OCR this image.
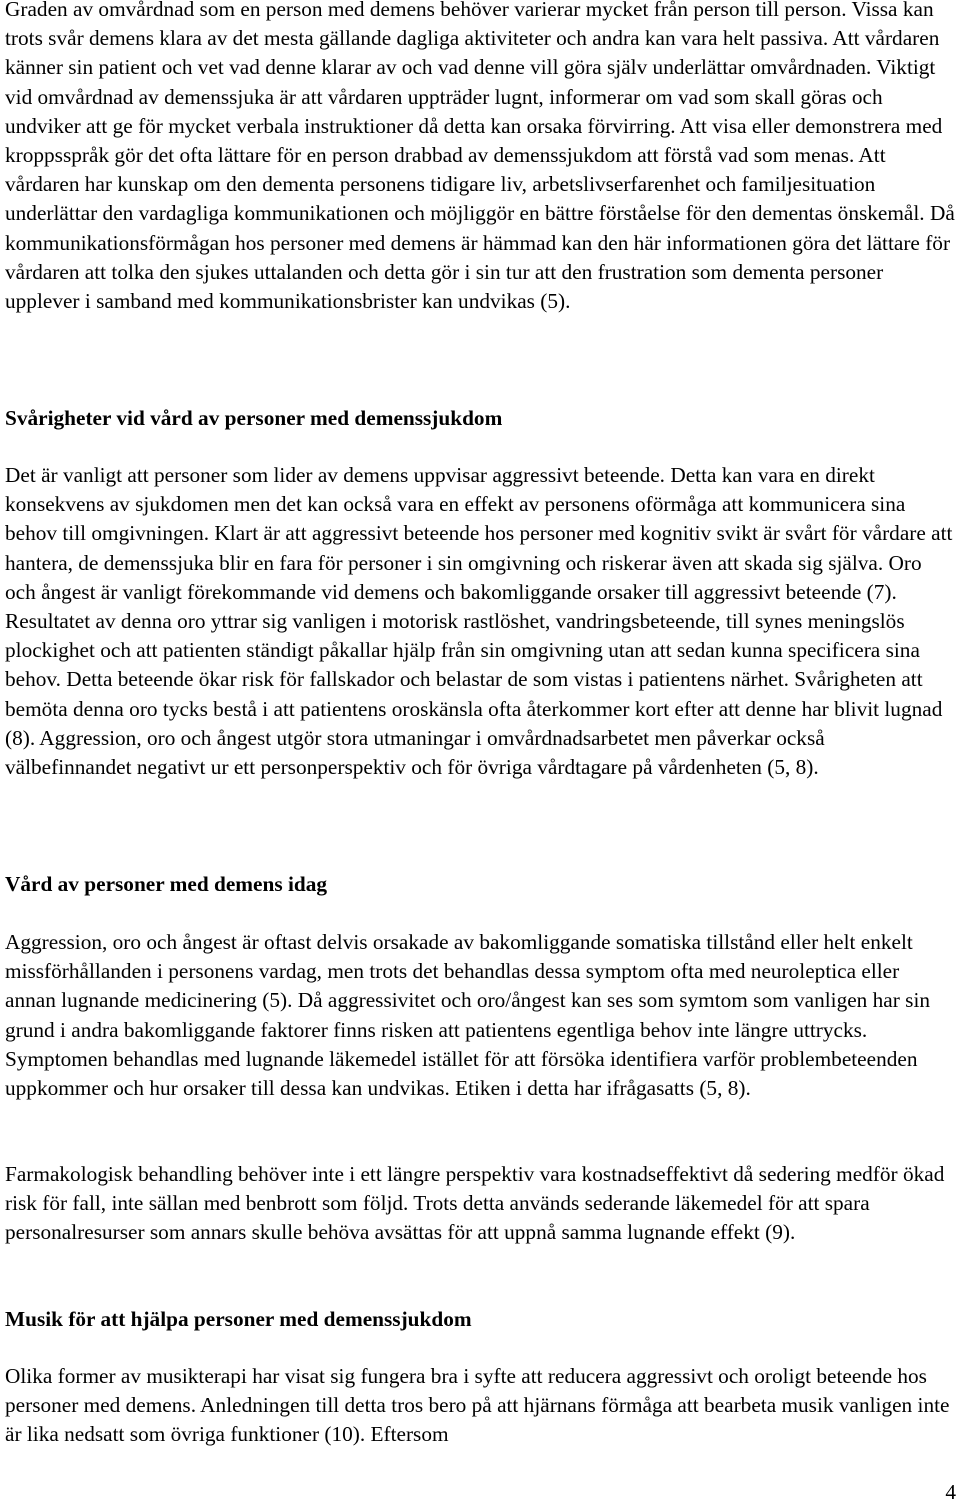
Graden av omvårdnad som en person med demens behöver varierar mycket från person till person. Vissa kan trots svår demens klara av det mesta gällande dagliga aktiviteter och andra kan vara helt passiva. Att vårdaren känner sin patient och vet vad denne klarar av och vad denne vill göra själv underlättar omvårdnaden. Viktigt vid omvårdnad av demenssjuka är att vårdaren uppträder lugnt, informerar om vad som skall göras och undviker att ge för mycket verbala instruktioner då detta kan orsaka förvirring. Att visa eller demonstrera med kroppsspråk gör det ofta lättare för en person drabbad av demenssjukdom att förstå vad som menas. Att vårdaren har kunskap om den dementa personens tidigare liv, arbetslivserfarenhet och familjesituation underlättar den vardagliga kommunikationen och möjliggör en bättre förståelse för den dementas önskemål. Då kommunikationsförmågan hos personer med demens är hämmad kan den här informationen göra det lättare för vårdaren att tolka den sjukes uttalanden och detta gör i sin tur att den frustration som dementa personer upplever i samband med kommunikationsbrister kan undvikas (5).

Svårigheter vid vård av personer med demenssjukdom

Det är vanligt att personer som lider av demens uppvisar aggressivt beteende. Detta kan vara en direkt konsekvens av sjukdomen men det kan också vara en effekt av personens oförmåga att kommunicera sina behov till omgivningen. Klart är att aggressivt beteende hos personer med kognitiv svikt är svårt för vårdare att hantera, de demenssjuka blir en fara för personer i sin omgivning och riskerar även att skada sig själva. Oro och ångest är vanligt förekommande vid demens och bakomliggande orsaker till aggressivt beteende (7). Resultatet av denna oro yttrar sig vanligen i motorisk rastlöshet, vandringsbeteende, till synes meningslös plockighet och att patienten ständigt påkallar hjälp från sin omgivning utan att sedan kunna specificera sina behov. Detta beteende ökar risk för fallskador och belastar de som vistas i patientens närhet. Svårigheten att bemöta denna oro tycks bestå i att patientens oroskänsla ofta återkommer kort efter att denne har blivit lugnad (8). Aggression, oro och ångest utgör stora utmaningar i omvårdnadsarbetet men påverkar också välbefinnandet negativt ur ett personperspektiv och för övriga vårdtagare på vårdenheten (5, 8).

Vård av personer med demens idag

Aggression, oro och ångest är oftast delvis orsakade av bakomliggande somatiska tillstånd eller helt enkelt missförhållanden i personens vardag, men trots det behandlas dessa symptom ofta med neuroleptica eller annan lugnande medicinering (5). Då aggressivitet och oro/ångest kan ses som symtom som vanligen har sin grund i andra bakomliggande faktorer finns risken att patientens egentliga behov inte längre uttrycks. Symptomen behandlas med lugnande läkemedel istället för att försöka identifiera varför problembeteenden uppkommer och hur orsaker till dessa kan undvikas. Etiken i detta har ifrågasatts (5, 8).

Farmakologisk behandling behöver inte i ett längre perspektiv vara kostnadseffektivt då sedering medför ökad risk för fall, inte sällan med benbrott som följd. Trots detta används sederande läkemedel för att spara personalresurser som annars skulle behöva avsättas för att uppnå samma lugnande effekt (9).

Musik för att hjälpa personer med demenssjukdom

Olika former av musikterapi har visat sig fungera bra i syfte att reducera aggressivt och oroligt beteende hos personer med demens. Anledningen till detta tros bero på att hjärnans förmåga att bearbeta musik vanligen inte är lika nedsatt som övriga funktioner (10). Eftersom

4
